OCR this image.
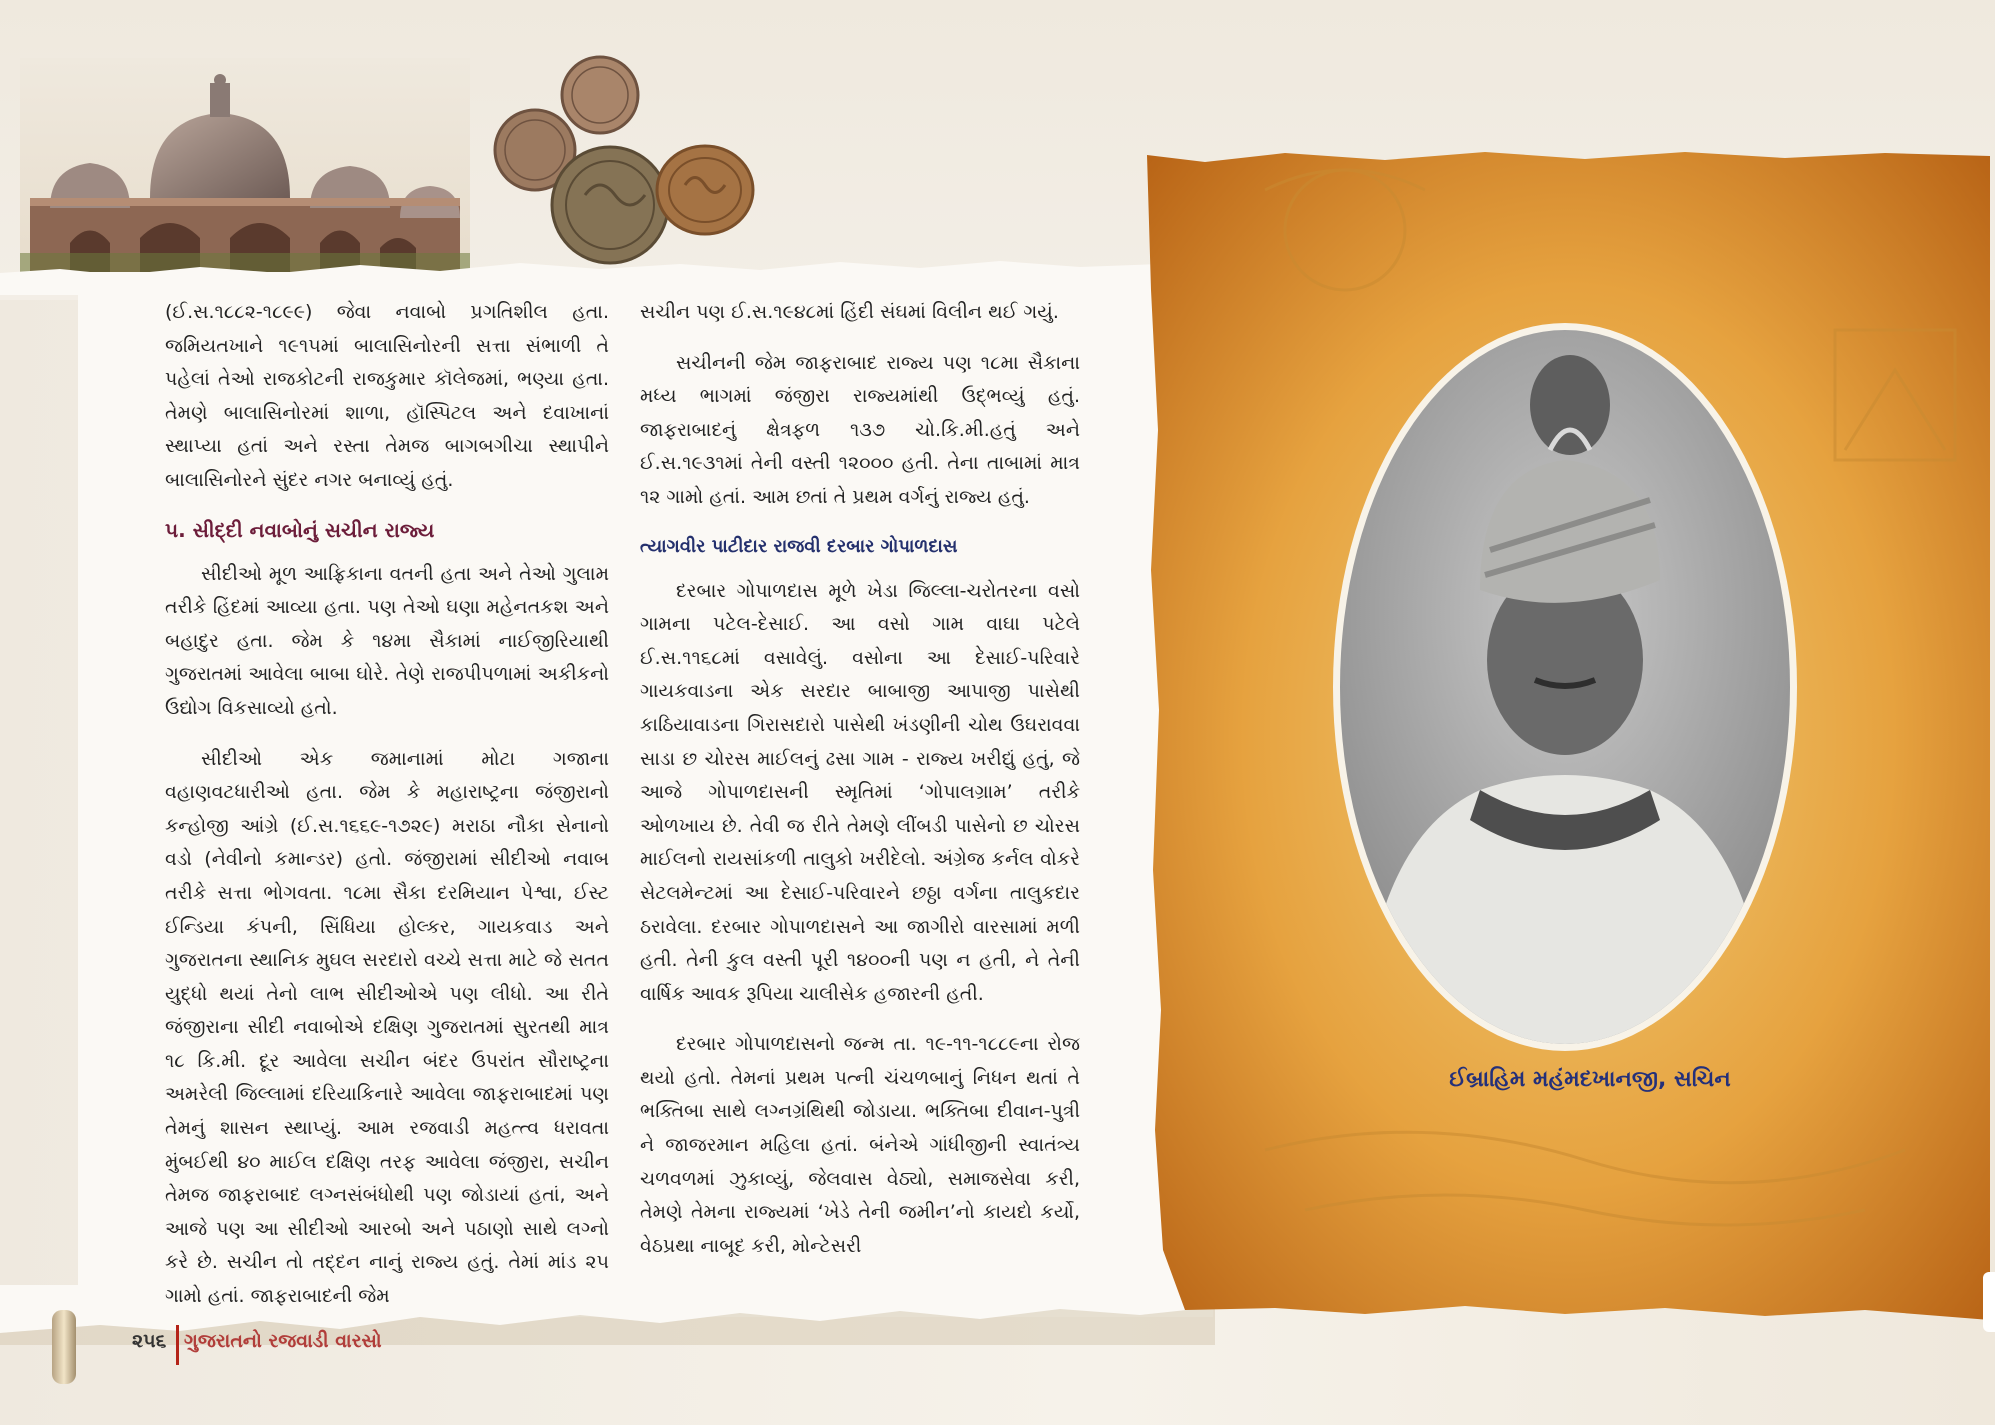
(ઈ.સ.૧૮૮૨-૧૮૯૯) જેવા નવાબો પ્રગતિશીલ હતા. જમિયતખાને ૧૯૧૫માં બાલાસિનોરની સત્તા સંભાળી તે પહેલાં તેઓ રાજકોટની રાજકુમાર કૉલેજમાં, ભણ્યા હતા. તેમણે બાલાસિનોરમાં શાળા, હૉસ્પિટલ અને દવાખાનાં સ્થાપ્યા હતાં અને રસ્તા તેમજ બાગબગીચા સ્થાપીને બાલાસિનોરને સુંદર નગર બનાવ્યું હતું.

૫. સીદ્દી નવાબોનું સચીન રાજ્ય

સીદીઓ મૂળ આફ્રિકાના વતની હતા અને તેઓ ગુલામ તરીકે હિંદમાં આવ્યા હતા. પણ તેઓ ઘણા મહેનતકશ અને બહાદુર હતા. જેમ કે ૧૪મા સૈકામાં નાઈજીરિયાથી ગુજરાતમાં આવેલા બાબા ઘોરે. તેણે રાજપીપળામાં અકીકનો ઉદ્યોગ વિકસાવ્યો હતો.

સીદીઓ એક જમાનામાં મોટા ગજાના વહાણવટધારીઓ હતા. જેમ કે મહારાષ્ટ્રના જંજીરાનો કન્હોજી આંગ્રે (ઈ.સ.૧૬૬૯-૧૭૨૯) મરાઠા નૌકા સેનાનો વડો (નેવીનો કમાન્ડર) હતો. જંજીરામાં સીદીઓ નવાબ તરીકે સત્તા ભોગવતા. ૧૮મા સૈકા દરમિયાન પેશ્વા, ઈસ્ટ ઈન્ડિયા કંપની, સિંધિયા હોલ્કર, ગાયકવાડ અને ગુજરાતના સ્થાનિક મુઘલ સરદારો વચ્ચે સત્તા માટે જે સતત યુદ્ધો થયાં તેનો લાભ સીદીઓએ પણ લીધો. આ રીતે જંજીરાના સીદી નવાબોએ દક્ષિણ ગુજરાતમાં સુરતથી માત્ર ૧૮ કિ.મી. દૂર આવેલા સચીન બંદર ઉપરાંત સૌરાષ્ટ્રના અમરેલી જિલ્લામાં દરિયાકિનારે આવેલા જાફરાબાદમાં પણ તેમનું શાસન સ્થાપ્યું. આમ રજવાડી મહત્ત્વ ધરાવતા મુંબઈથી ૪૦ માઈલ દક્ષિણ તરફ આવેલા જંજીરા, સચીન તેમજ જાફરાબાદ લગ્નસંબંધોથી પણ જોડાયાં હતાં, અને આજે પણ આ સીદીઓ આરબો અને પઠાણો સાથે લગ્નો કરે છે. સચીન તો તદ્દન નાનું રાજ્ય હતું. તેમાં માંડ ૨૫ ગામો હતાં. જાફરાબાદની જેમ

સચીન પણ ઈ.સ.૧૯૪૮માં હિંદી સંઘમાં વિલીન થઈ ગયું.

સચીનની જેમ જાફરાબાદ રાજ્ય પણ ૧૮મા સૈકાના મધ્ય ભાગમાં જંજીરા રાજ્યમાંથી ઉદ્‌ભવ્યું હતું. જાફરાબાદનું ક્ષેત્રફળ ૧૩૭ ચો.કિ.મી.હતું અને ઈ.સ.૧૯૩૧માં તેની વસ્તી ૧૨૦૦૦ હતી. તેના તાબામાં માત્ર ૧૨ ગામો હતાં. આમ છતાં તે પ્રથમ વર્ગનું રાજ્ય હતું.

ત્યાગવીર પાટીદાર રાજવી દરબાર ગોપાળદાસ

દરબાર ગોપાળદાસ મૂળે ખેડા જિલ્લા-ચરોતરના વસો ગામના પટેલ-દેસાઈ. આ વસો ગામ વાઘા પટેલે ઈ.સ.૧૧૬૮માં વસાવેલું. વસોના આ દેસાઈ-પરિવારે ગાયકવાડના એક સરદાર બાબાજી આપાજી પાસેથી કાઠિયાવાડના ગિરાસદારો પાસેથી ખંડણીની ચોથ ઉઘરાવવા સાડા છ ચોરસ માઈલનું ઢસા ગામ - રાજ્ય ખરીદ્યું હતું, જે આજે ગોપાળદાસની સ્મૃતિમાં ‘ગોપાલગ્રામ’ તરીકે ઓળખાય છે. તેવી જ રીતે તેમણે લીંબડી પાસેનો છ ચોરસ માઈલનો રાયસાંકળી તાલુકો ખરીદેલો. અંગ્રેજ કર્નલ વોકરે સેટલમેન્ટમાં આ દેસાઈ-પરિવારને છઠ્ઠા વર્ગના તાલુકદાર ઠરાવેલા. દરબાર ગોપાળદાસને આ જાગીરો વારસામાં મળી હતી. તેની કુલ વસ્તી પૂરી ૧૪૦૦ની પણ ન હતી, ને તેની વાર્ષિક આવક રૂપિયા ચાલીસેક હજારની હતી.

દરબાર ગોપાળદાસનો જન્મ તા. ૧૯-૧૧-૧૮૮૯ના રોજ થયો હતો. તેમનાં પ્રથમ પત્ની ચંચળબાનું નિધન થતાં તે ભક્તિબા સાથે લગ્નગ્રંથિથી જોડાયા. ભક્તિબા દીવાન-પુત્રી ને જાજરમાન મહિલા હતાં. બંનેએ ગાંધીજીની સ્વાતંત્ર્ય ચળવળમાં ઝુકાવ્યું, જેલવાસ વેઠ્યો, સમાજસેવા કરી, તેમણે તેમના રાજ્યમાં ‘ખેડે તેની જમીન’નો કાયદો કર્યો, વેઠપ્રથા નાબૂદ કરી, મોન્ટેસરી

ઈબ્રાહિમ મહંમદખાનજી, સચિન
૨૫૬ ગુજરાતનો રજવાડી વારસો
